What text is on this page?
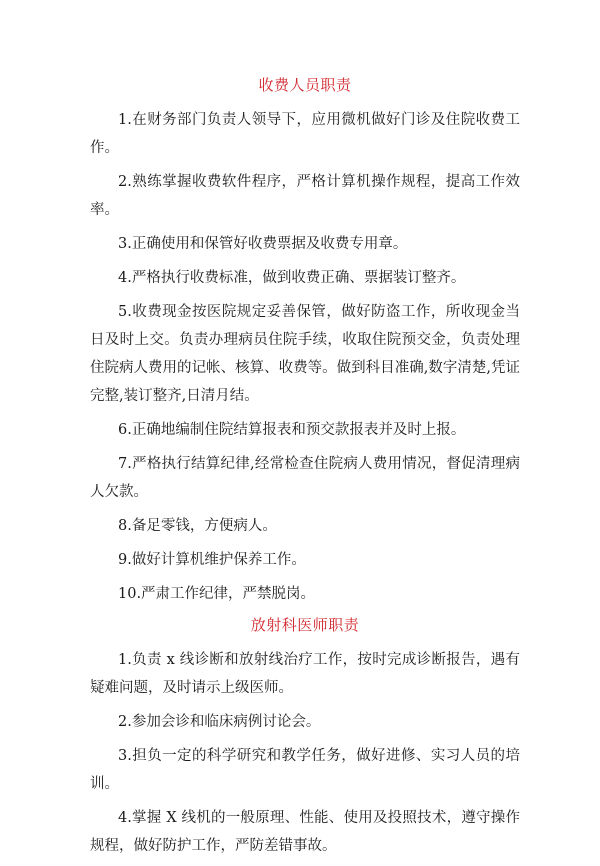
收费人员职责

1.在财务部门负责人领导下，应用微机做好门诊及住院收费工作。

2.熟练掌握收费软件程序，严格计算机操作规程，提高工作效率。

3.正确使用和保管好收费票据及收费专用章。

4.严格执行收费标准，做到收费正确、票据装订整齐。

5.收费现金按医院规定妥善保管，做好防盗工作，所收现金当日及时上交。负责办理病员住院手续，收取住院预交金，负责处理住院病人费用的记帐、核算、收费等。做到科目准确,数字清楚,凭证完整,装订整齐,日清月结。

6.正确地编制住院结算报表和预交款报表并及时上报。

7.严格执行结算纪律,经常检查住院病人费用情况，督促清理病人欠款。

8.备足零钱，方便病人。

9.做好计算机维护保养工作。

10.严肃工作纪律，严禁脱岗。

放射科医师职责

1.负责 x 线诊断和放射线治疗工作，按时完成诊断报告，遇有疑难问题，及时请示上级医师。

2.参加会诊和临床病例讨论会。

3.担负一定的科学研究和教学任务，做好进修、实习人员的培训。

4.掌握 X 线机的一般原理、性能、使用及投照技术，遵守操作规程，做好防护工作，严防差错事故。
